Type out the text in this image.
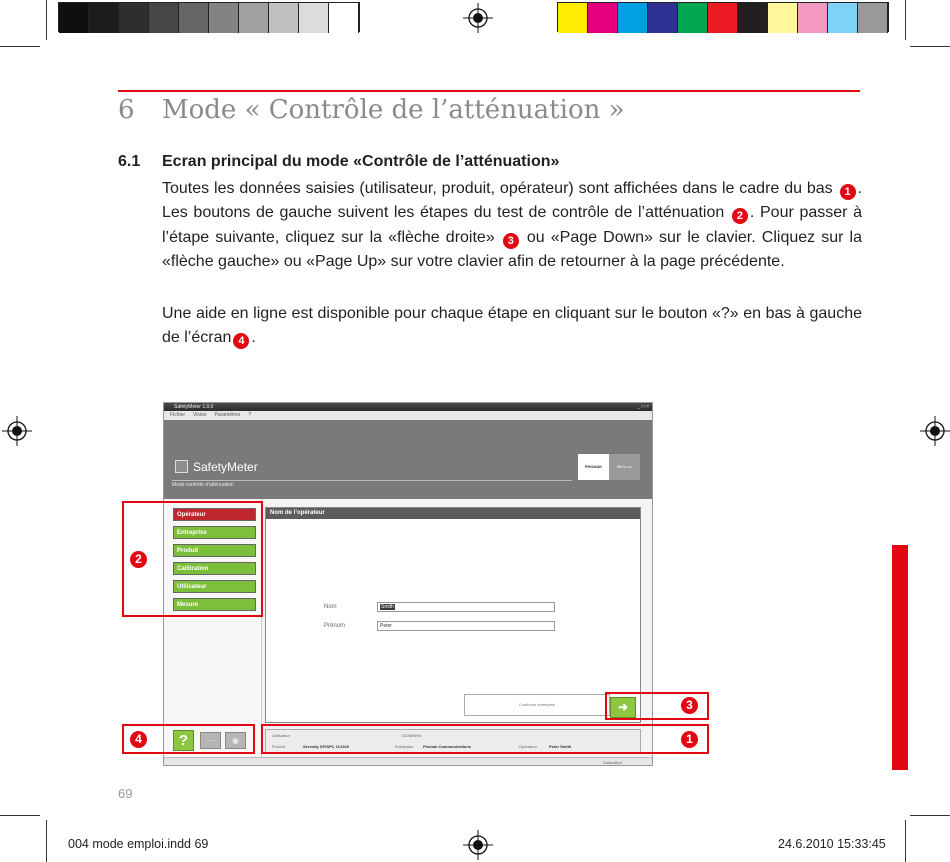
6 Mode « Contrôle de l’atténuation »
6.1 Ecran principal du mode «Contrôle de l’atténuation»

Toutes les données saisies (utilisateur, produit, opérateur) sont affichées dans le cadre du bas 1 . Les boutons de gauche suivent les étapes du test de contrôle de l’atténuation 2 . Pour passer à l’étape suivante, cliquez sur la «flèche droite» 3 ou «Page Down» sur le clavier. Cliquez sur la «flèche gauche» ou «Page Up» sur votre clavier afin de retourner à la page précédente.

Une aide en ligne est disponible pour chaque étape en cliquant sur le bouton «?» en bas à gauche de l’écran 4 .

SafetyMeter 1.0.0	_ □ ×
Fichier Vision Paramètres ?
SafetyMeter
Mode contrôle d’atténuation
PHONAK	life is on
Opérateur
Entreprise
Produit
Calibration
Utilisateur
Mesure
Nom de l’opérateur
Nom	Smith
Prénom	Peter
Continuer entreprise	➜
Utilisateur	DD/MM/hh
Produit	Serenity SP/SPC 113169	Entreprise Phonak Communications	Opérateur	Peter Smith
?	⋯	◉
Calibration
2
3
1
4
69
004 mode emploi.indd 69	24.6.2010 15:33:45
